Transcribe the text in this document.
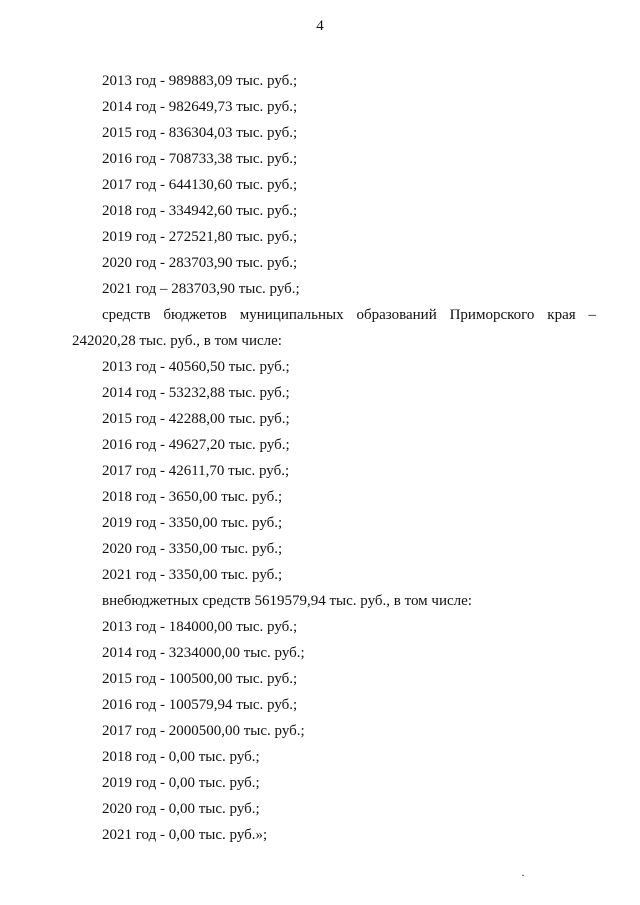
4
2013 год - 989883,09 тыс. руб.;
2014 год - 982649,73 тыс. руб.;
2015 год - 836304,03 тыс. руб.;
2016 год - 708733,38 тыс. руб.;
2017 год - 644130,60 тыс. руб.;
2018 год - 334942,60 тыс. руб.;
2019 год - 272521,80 тыс. руб.;
2020 год - 283703,90 тыс. руб.;
2021 год – 283703,90 тыс. руб.;
средств бюджетов муниципальных образований Приморского края –
242020,28 тыс. руб., в том числе:
2013 год - 40560,50 тыс. руб.;
2014 год - 53232,88 тыс. руб.;
2015 год - 42288,00 тыс. руб.;
2016 год - 49627,20 тыс. руб.;
2017 год - 42611,70 тыс. руб.;
2018 год - 3650,00 тыс. руб.;
2019 год - 3350,00 тыс. руб.;
2020 год - 3350,00 тыс. руб.;
2021 год - 3350,00 тыс. руб.;
внебюджетных средств 5619579,94 тыс. руб., в том числе:
2013 год - 184000,00 тыс. руб.;
2014 год - 3234000,00 тыс. руб.;
2015 год - 100500,00 тыс. руб.;
2016 год - 100579,94 тыс. руб.;
2017 год - 2000500,00 тыс. руб.;
2018 год - 0,00 тыс. руб.;
2019 год - 0,00 тыс. руб.;
2020 год - 0,00 тыс. руб.;
2021 год - 0,00 тыс. руб.»;
·
